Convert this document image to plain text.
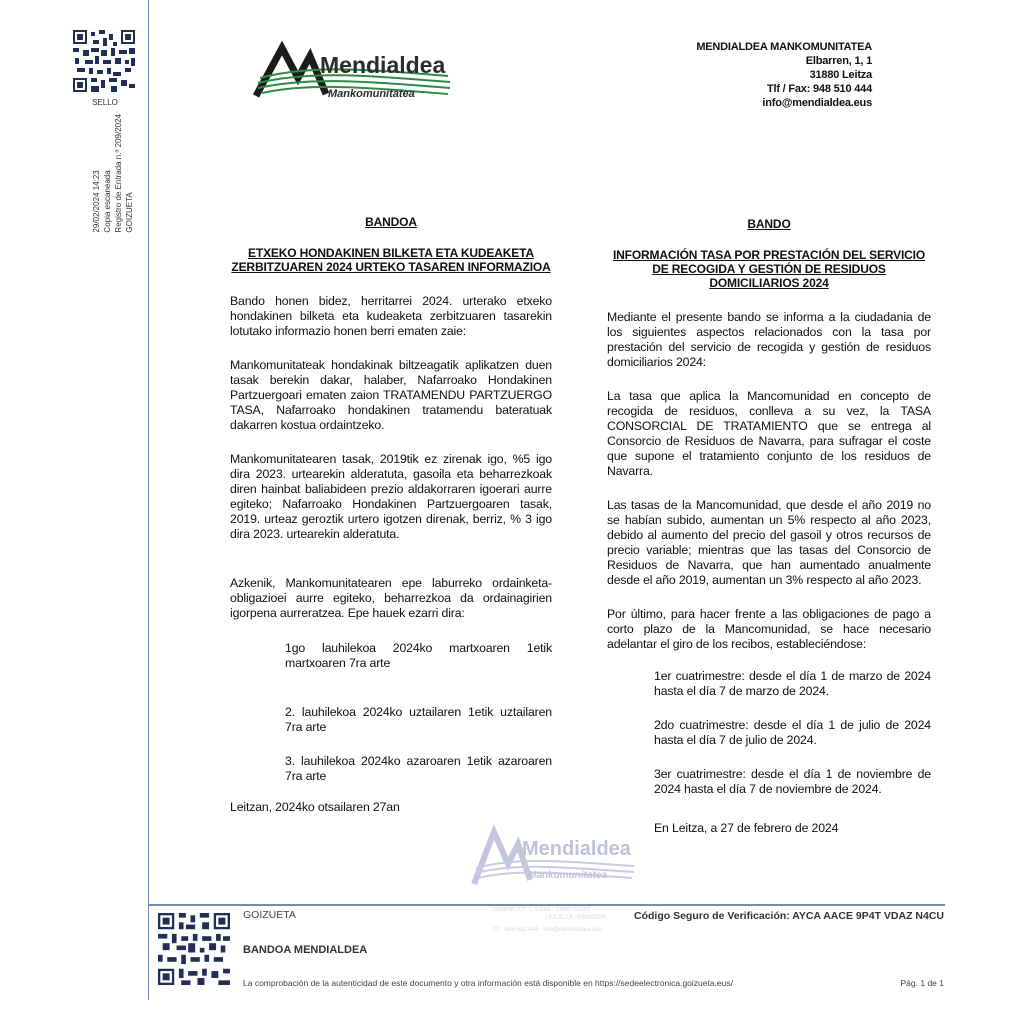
SELLO
GOIZUETA
Registro de Entrada n.º 209/2024
Copia escaneada
29/02/2024 14:23
Mendialdea
Mankomunitatea
MENDIALDEA MANKOMUNITATEA
Elbarren, 1, 1
31880 Leitza
Tlf / Fax: 948 510 444
info@mendialdea.eus
BANDOA
ETXEKO HONDAKINEN BILKETA ETA KUDEAKETA ZERBITZUAREN 2024 URTEKO TASAREN INFORMAZIOA

Bando honen bidez, herritarrei 2024. urterako etxeko hondakinen bilketa eta kudeaketa zerbitzuaren tasarekin lotutako informazio honen berri ematen zaie:

Mankomunitateak hondakinak biltzeagatik aplikatzen duen tasak berekin dakar, halaber, Nafarroako Hondakinen Partzuergoari ematen zaion TRATAMENDU PARTZUERGO TASA, Nafarroako hondakinen tratamendu bateratuak dakarren kostua ordaintzeko.

Mankomunitatearen tasak, 2019tik ez zirenak igo, %5 igo dira 2023. urtearekin alderatuta, gasoila eta beharrezkoak diren hainbat baliabideen prezio aldakorraren igoerari aurre egiteko; Nafarroako Hondakinen Partzuergoaren tasak, 2019. urteaz geroztik urtero igotzen direnak, berriz, % 3 igo dira 2023. urtearekin alderatuta.

Azkenik, Mankomunitatearen epe laburreko ordainketa-obligazioei aurre egiteko, beharrezkoa da ordainagirien igorpena aurreratzea. Epe hauek ezarri dira:

1go lauhilekoa 2024ko martxoaren 1etik martxoaren 7ra arte

2. lauhilekoa 2024ko uztailaren 1etik uztailaren 7ra arte

3. lauhilekoa 2024ko azaroaren 1etik azaroaren 7ra arte

Leitzan, 2024ko otsailaren 27an
BANDO
INFORMACIÓN TASA POR PRESTACIÓN DEL SERVICIO DE RECOGIDA Y GESTIÓN DE RESIDUOS DOMICILIARIOS 2024

Mediante el presente bando se informa a la ciudadania de los siguientes aspectos relacionados con la tasa por prestación del servicio de recogida y gestión de residuos domiciliarios 2024:

La tasa que aplica la Mancomunidad en concepto de recogida de residuos, conlleva a su vez, la TASA CONSORCIAL DE TRATAMIENTO que se entrega al Consorcio de Residuos de Navarra, para sufragar el coste que supone el tratamiento conjunto de los residuos de Navarra.

Las tasas de la Mancomunidad, que desde el año 2019 no se habían subido, aumentan un 5% respecto al año 2023, debido al aumento del precio del gasoil y otros recursos de precio variable; mientras que las tasas del Consorcio de Residuos de Navarra, que han aumentado anualmente desde el año 2019, aumentan un 3% respecto al año 2023.

Por último, para hacer frente a las obligaciones de pago a corto plazo de la Mancomunidad, se hace necesario adelantar el giro de los recibos, estableciéndose:

1er cuatrimestre: desde el día 1 de marzo de 2024 hasta el día 7 de marzo de 2024.

2do cuatrimestre: desde el día 1 de julio de 2024 hasta el día 7 de julio de 2024.

3er cuatrimestre: desde el día 1 de noviembre de 2024 hasta el día 7 de noviembre de 2024.

En Leitza, a 27 de febrero de 2024
Mendialdea
Mankomunitatea
GOIZUETA	Elbarren K/1 1, Kalea - 31880 Leitza
I.F.Z./C.I.F.: P3100028I
Tlf.: 948 510 444 - info@mendialdea.eus
Código Seguro de Verificación: AYCA AACE 9P4T VDAZ N4CU
BANDOA MENDIALDEA
La comprobación de la autenticidad de este documento y otra información está disponible en https://sedeelectronica.goizueta.eus/	Pág. 1 de 1
